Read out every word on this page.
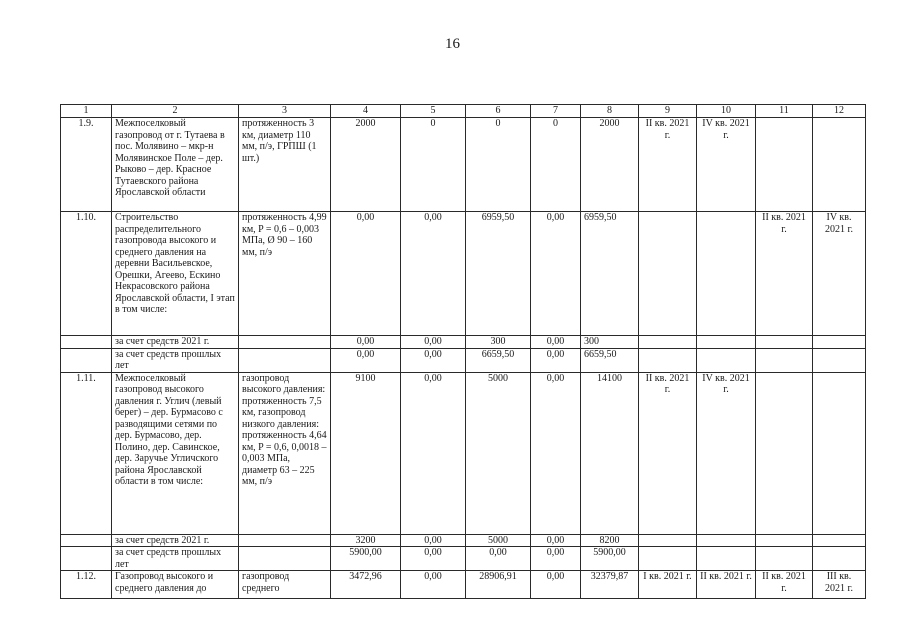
16
1	2	3	4	5	6	7	8	9	10	11	12
1.9.	Межпоселковый газопровод от г. Тутаева в пос. Молявино – мкр-н Молявинское Поле – дер. Рыково – дер. Красное Тутаевского района Ярославской области	протяженность 3 км, диаметр 110 мм, п/э, ГРПШ (1 шт.)	2000	0	0	0	2000	II кв. 2021 г.	IV кв. 2021 г.		
1.10.	Строительство распределительного газопровода высокого и среднего давления на деревни Васильевское, Орешки, Агеево, Ескино Некрасовского района Ярославской области, I этап в том числе:	протяженность 4,99 км, P = 0,6 – 0,003 МПа, Ø 90 – 160 мм, п/э	0,00	0,00	6959,50	0,00	6959,50			II кв. 2021 г.	IV кв. 2021 г.
	за счет средств 2021 г.		0,00	0,00	300	0,00	300				
	за счет средств прошлых лет		0,00	0,00	6659,50	0,00	6659,50				
1.11.	Межпоселковый газопровод высокого давления г. Углич (левый берег) – дер. Бурмасово с разводящими сетями по дер. Бурмасово, дер. Полино, дер. Савинское, дер. Заручье Угличского района Ярославской области в том числе:	газопровод высокого давления: протяженность 7,5 км, газопровод низкого давления: протяженность 4,64 км, P = 0,6, 0,0018 – 0,003 МПа, диаметр 63 – 225 мм, п/э	9100	0,00	5000	0,00	14100	II кв. 2021 г.	IV кв. 2021 г.		
	за счет средств 2021 г.		3200	0,00	5000	0,00	8200				
	за счет средств прошлых лет		5900,00	0,00	0,00	0,00	5900,00				
1.12.	Газопровод высокого и среднего давления до	газопровод среднего	3472,96	0,00	28906,91	0,00	32379,87	I кв. 2021 г.	II кв. 2021 г.	II кв. 2021 г.	III кв. 2021 г.
